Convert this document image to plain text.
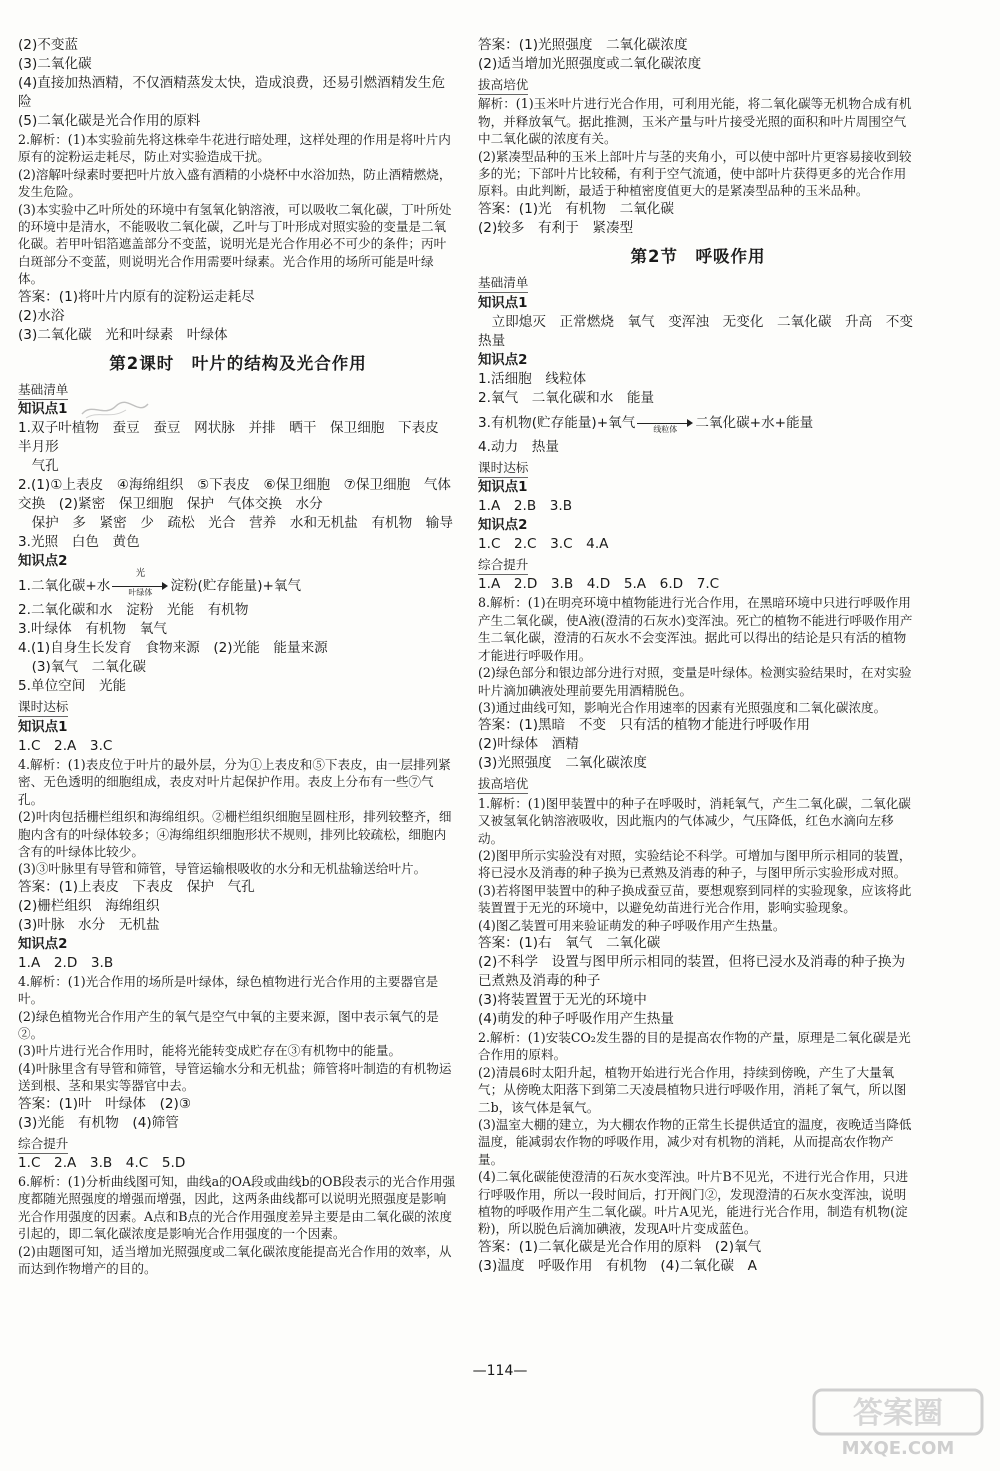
(2)不变蓝
(3)二氧化碳
(4)直接加热酒精，不仅酒精蒸发太快，造成浪费，还易引燃酒精发生危险
(5)二氧化碳是光合作用的原料
2.解析：(1)本实验前先将这株牵牛花进行暗处理，这样处理的作用是将叶片内原有的淀粉运走耗尽，防止对实验造成干扰。
(2)溶解叶绿素时要把叶片放入盛有酒精的小烧杯中水浴加热，防止酒精燃烧，发生危险。
(3)本实验中乙叶所处的环境中有氢氧化钠溶液，可以吸收二氧化碳，丁叶所处的环境中是清水，不能吸收二氧化碳，乙叶与丁叶形成对照实验的变量是二氧化碳。若甲叶铝箔遮盖部分不变蓝，说明光是光合作用必不可少的条件；丙叶白斑部分不变蓝，则说明光合作用需要叶绿素。光合作用的场所可能是叶绿体。
答案：(1)将叶片内原有的淀粉运走耗尽
(2)水浴
(3)二氧化碳　光和叶绿素　叶绿体
第2课时　叶片的结构及光合作用
基础清单
知识点1
1.双子叶植物　蚕豆　蚕豆　网状脉　并排　晒干　保卫细胞　下表皮　半月形
　气孔
2.(1)①上表皮　④海绵组织　⑤下表皮　⑥保卫细胞　⑦保卫细胞　气体交换　(2)紧密　保卫细胞　保护　气体交换　水分
　保护　多　紧密　少　疏松　光合　营养　水和无机盐　有机物　输导
3.光照　白色　黄色
知识点2
1.二氧化碳+水
光
叶绿体	淀粉(贮存能量)+氧气
2.二氧化碳和水　淀粉　光能　有机物
3.叶绿体　有机物　氧气
4.(1)自身生长发育　食物来源　(2)光能　能量来源
　(3)氧气　二氧化碳
5.单位空间　光能
课时达标
知识点1
1.C　2.A　3.C
4.解析：(1)表皮位于叶片的最外层，分为①上表皮和⑤下表皮，由一层排列紧密、无色透明的细胞组成，表皮对叶片起保护作用。表皮上分布有一些⑦气孔。
(2)叶肉包括栅栏组织和海绵组织。②栅栏组织细胞呈圆柱形，排列较整齐，细胞内含有的叶绿体较多；④海绵组织细胞形状不规则，排列比较疏松，细胞内含有的叶绿体比较少。
(3)③叶脉里有导管和筛管，导管运输根吸收的水分和无机盐输送给叶片。
答案：(1)上表皮　下表皮　保护　气孔
(2)栅栏组织　海绵组织
(3)叶脉　水分　无机盐
知识点2
1.A　2.D　3.B
4.解析：(1)光合作用的场所是叶绿体，绿色植物进行光合作用的主要器官是叶。
(2)绿色植物光合作用产生的氧气是空气中氧的主要来源，图中表示氧气的是②。
(3)叶片进行光合作用时，能将光能转变成贮存在③有机物中的能量。
(4)叶脉里含有导管和筛管，导管运输水分和无机盐；筛管将叶制造的有机物运送到根、茎和果实等器官中去。
答案：(1)叶　叶绿体　(2)③
(3)光能　有机物　(4)筛管
综合提升
1.C　2.A　3.B　4.C　5.D
6.解析：(1)分析曲线图可知，曲线a的OA段或曲线b的OB段表示的光合作用强度都随光照强度的增强而增强，因此，这两条曲线都可以说明光照强度是影响光合作用强度的因素。A点和B点的光合作用强度差异主要是由二氧化碳的浓度引起的，即二氧化碳浓度是影响光合作用强度的一个因素。
(2)由题图可知，适当增加光照强度或二氧化碳浓度能提高光合作用的效率，从而达到作物增产的目的。
答案：(1)光照强度　二氧化碳浓度
(2)适当增加光照强度或二氧化碳浓度
拔高培优
解析：(1)玉米叶片进行光合作用，可利用光能，将二氧化碳等无机物合成有机物，并释放氧气。据此推测，玉米产量与叶片接受光照的面积和叶片周围空气中二氧化碳的浓度有关。
(2)紧凑型品种的玉米上部叶片与茎的夹角小，可以使中部叶片更容易接收到较多的光；下部叶片比较稀，有利于空气流通，使中部叶片获得更多的光合作用原料。由此判断，最适于种植密度值更大的是紧凑型品种的玉米品种。
答案：(1)光　有机物　二氧化碳
(2)较多　有利于　紧凑型
第2节　呼吸作用
基础清单
知识点1
　立即熄灭　正常燃烧　氧气　变浑浊　无变化　二氧化碳　升高　不变　热量
知识点2
1.活细胞　线粒体
2.氧气　二氧化碳和水　能量
3.有机物(贮存能量)+氧气	线粒体	二氧化碳+水+能量
4.动力　热量
课时达标
知识点1
1.A　2.B　3.B
知识点2
1.C　2.C　3.C　4.A
综合提升
1.A　2.D　3.B　4.D　5.A　6.D　7.C
8.解析：(1)在明亮环境中植物能进行光合作用，在黑暗环境中只进行呼吸作用产生二氧化碳，使A液(澄清的石灰水)变浑浊。死亡的植物不能进行呼吸作用产生二氧化碳，澄清的石灰水不会变浑浊。据此可以得出的结论是只有活的植物才能进行呼吸作用。
(2)绿色部分和银边部分进行对照，变量是叶绿体。检测实验结果时，在对实验叶片滴加碘液处理前要先用酒精脱色。
(3)通过曲线可知，影响光合作用速率的因素有光照强度和二氧化碳浓度。
答案：(1)黑暗　不变　只有活的植物才能进行呼吸作用
(2)叶绿体　酒精
(3)光照强度　二氧化碳浓度
拔高培优
1.解析：(1)图甲装置中的种子在呼吸时，消耗氧气，产生二氧化碳，二氧化碳又被氢氧化钠溶液吸收，因此瓶内的气体减少，气压降低，红色水滴向左移动。
(2)图甲所示实验没有对照，实验结论不科学。可增加与图甲所示相同的装置，将已浸水及消毒的种子换为已煮熟及消毒的种子，与图甲所示实验形成对照。
(3)若将图甲装置中的种子换成蚕豆苗，要想观察到同样的实验现象，应该将此装置置于无光的环境中，以避免幼苗进行光合作用，影响实验现象。
(4)图乙装置可用来验证萌发的种子呼吸作用产生热量。
答案：(1)右　氧气　二氧化碳
(2)不科学　设置与图甲所示相同的装置，但将已浸水及消毒的种子换为已煮熟及消毒的种子
(3)将装置置于无光的环境中
(4)萌发的种子呼吸作用产生热量
2.解析：(1)安装CO₂发生器的目的是提高农作物的产量，原理是二氧化碳是光合作用的原料。
(2)清晨6时太阳升起，植物开始进行光合作用，持续到傍晚，产生了大量氧气；从傍晚太阳落下到第二天凌晨植物只进行呼吸作用，消耗了氧气，所以图二b，该气体是氧气。
(3)温室大棚的建立，为大棚农作物的正常生长提供适宜的温度，夜晚适当降低温度，能减弱农作物的呼吸作用，减少对有机物的消耗，从而提高农作物产量。
(4)二氧化碳能使澄清的石灰水变浑浊。叶片B不见光，不进行光合作用，只进行呼吸作用，所以一段时间后，打开阀门②，发现澄清的石灰水变浑浊，说明植物的呼吸作用产生二氧化碳。叶片A见光，能进行光合作用，制造有机物(淀粉)，所以脱色后滴加碘液，发现A叶片变成蓝色。
答案：(1)二氧化碳是光合作用的原料　(2)氧气
(3)温度　呼吸作用　有机物　(4)二氧化碳　A
—114—
答案圈
MXQE.COM
